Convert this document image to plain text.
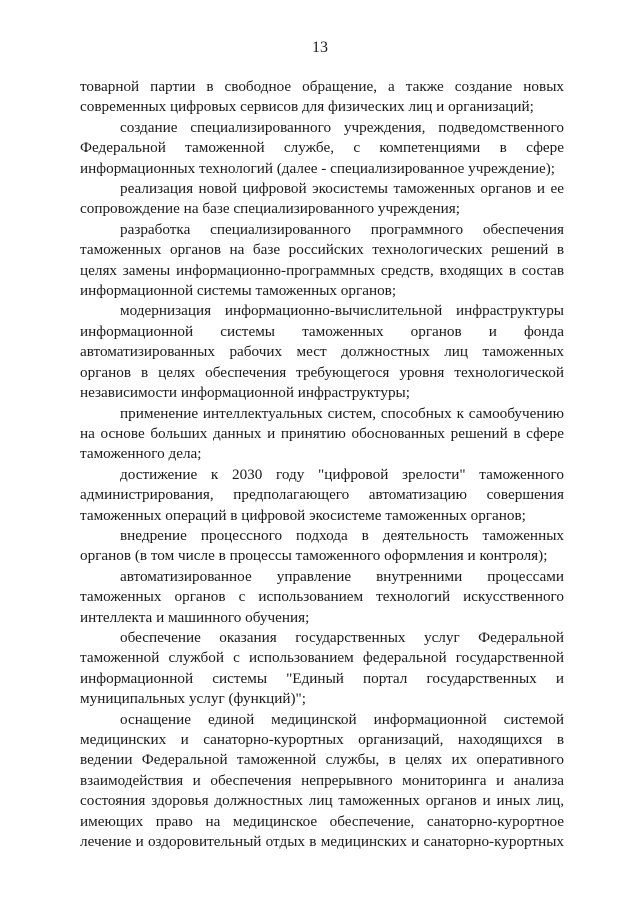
13

товарной партии в свободное обращение, а также создание новых современных цифровых сервисов для физических лиц и организаций;

создание специализированного учреждения, подведомственного Федеральной таможенной службе, с компетенциями в сфере информационных технологий (далее - специализированное учреждение);

реализация новой цифровой экосистемы таможенных органов и ее сопровождение на базе специализированного учреждения;

разработка специализированного программного обеспечения таможенных органов на базе российских технологических решений в целях замены информационно-программных средств, входящих в состав информационной системы таможенных органов;

модернизация информационно-вычислительной инфраструктуры информационной системы таможенных органов и фонда автоматизированных рабочих мест должностных лиц таможенных органов в целях обеспечения требующегося уровня технологической независимости информационной инфраструктуры;

применение интеллектуальных систем, способных к самообучению на основе больших данных и принятию обоснованных решений в сфере таможенного дела;

достижение к 2030 году "цифровой зрелости" таможенного администрирования, предполагающего автоматизацию совершения таможенных операций в цифровой экосистеме таможенных органов;

внедрение процессного подхода в деятельность таможенных органов (в том числе в процессы таможенного оформления и контроля);

автоматизированное управление внутренними процессами таможенных органов с использованием технологий искусственного интеллекта и машинного обучения;

обеспечение оказания государственных услуг Федеральной таможенной службой с использованием федеральной государственной информационной системы "Единый портал государственных и муниципальных услуг (функций)";

оснащение единой медицинской информационной системой медицинских и санаторно-курортных организаций, находящихся в ведении Федеральной таможенной службы, в целях их оперативного взаимодействия и обеспечения непрерывного мониторинга и анализа состояния здоровья должностных лиц таможенных органов и иных лиц, имеющих право на медицинское обеспечение, санаторно-курортное лечение и оздоровительный отдых в медицинских и санаторно-курортных
